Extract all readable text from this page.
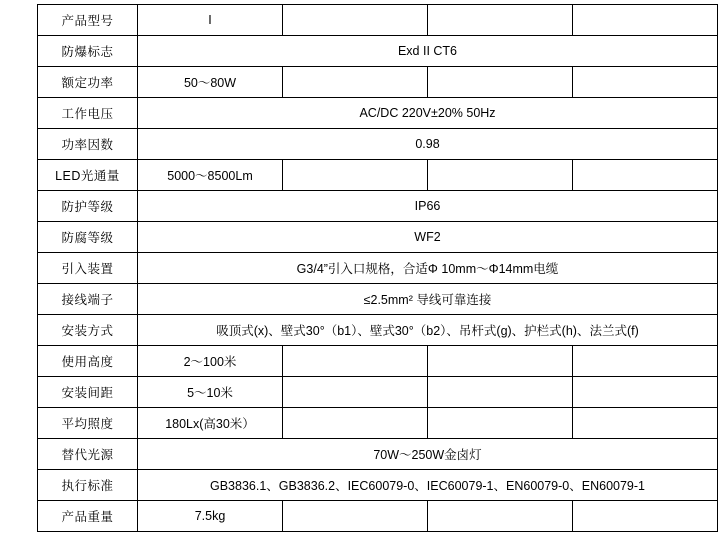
产品型号	I			
防爆标志	Exd II CT6			
额定功率	50～80W			
工作电压	AC/DC 220V±20% 50Hz			
功率因数	0.98			
LED光通量	5000～8500Lm			
防护等级	IP66			
防腐等级	WF2			
引入装置	G3/4”引入口规格，合适Φ 10mm～Φ14mm电缆			
接线端子	≤2.5mm² 导线可靠连接			
安装方式	吸顶式(x)、壁式30°（b1）、壁式30°（b2）、吊杆式(g)、护栏式(h)、法兰式(f)			
使用高度	2～100米			
安装间距	5～10米			
平均照度	180Lx(高30米）			
替代光源	70W～250W金卤灯			
执行标准	GB3836.1、GB3836.2、IEC60079-0、IEC60079-1、EN60079-0、EN60079-1			
产品重量	7.5kg			
